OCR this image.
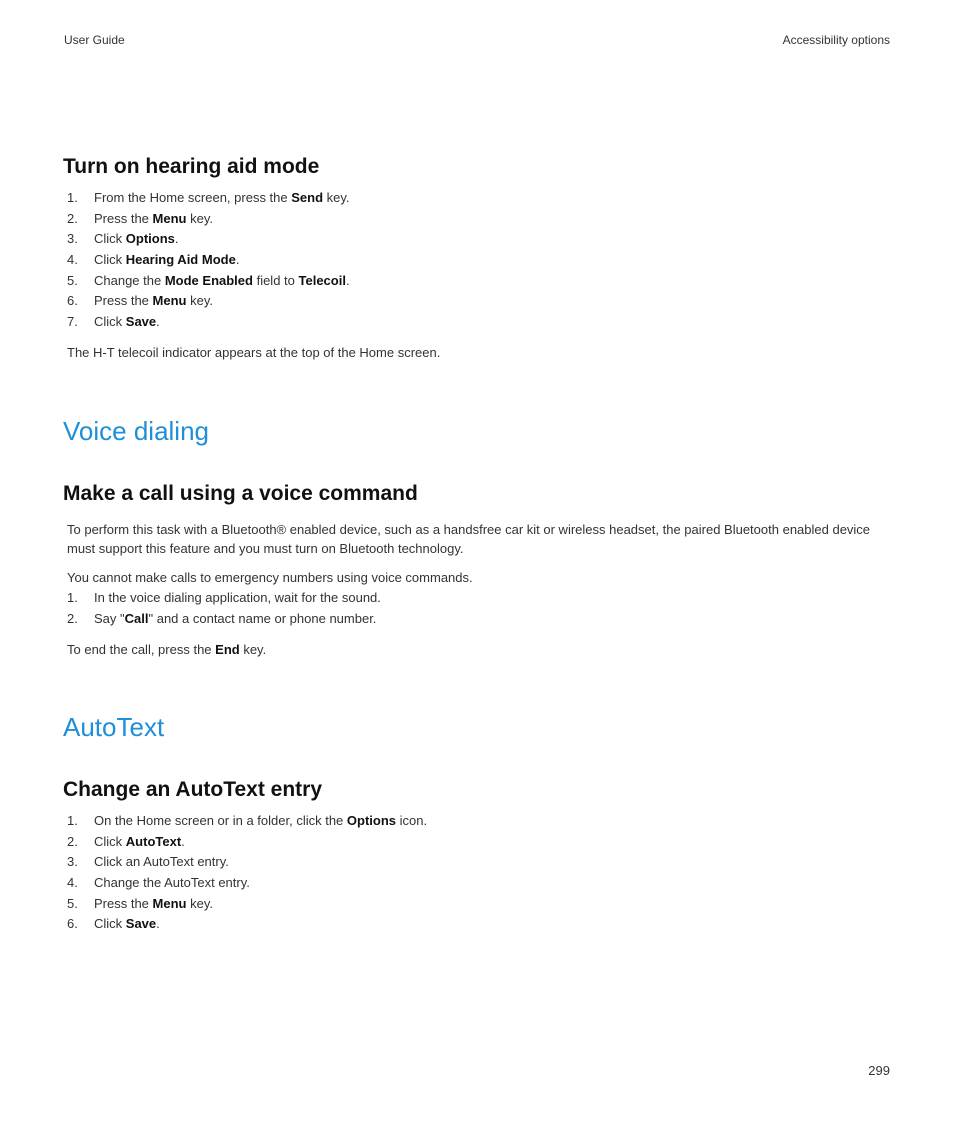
User Guide	Accessibility options
Turn on hearing aid mode
1. From the Home screen, press the Send key.
2. Press the Menu key.
3. Click Options.
4. Click Hearing Aid Mode.
5. Change the Mode Enabled field to Telecoil.
6. Press the Menu key.
7. Click Save.

The H-T telecoil indicator appears at the top of the Home screen.

Voice dialing
Make a call using a voice command

To perform this task with a Bluetooth® enabled device, such as a handsfree car kit or wireless headset, the paired Bluetooth enabled device must support this feature and you must turn on Bluetooth technology.

You cannot make calls to emergency numbers using voice commands.

1. In the voice dialing application, wait for the sound.
2. Say "Call" and a contact name or phone number.

To end the call, press the End key.

AutoText
Change an AutoText entry
1. On the Home screen or in a folder, click the Options icon.
2. Click AutoText.
3. Click an AutoText entry.
4. Change the AutoText entry.
5. Press the Menu key.
6. Click Save.
299
